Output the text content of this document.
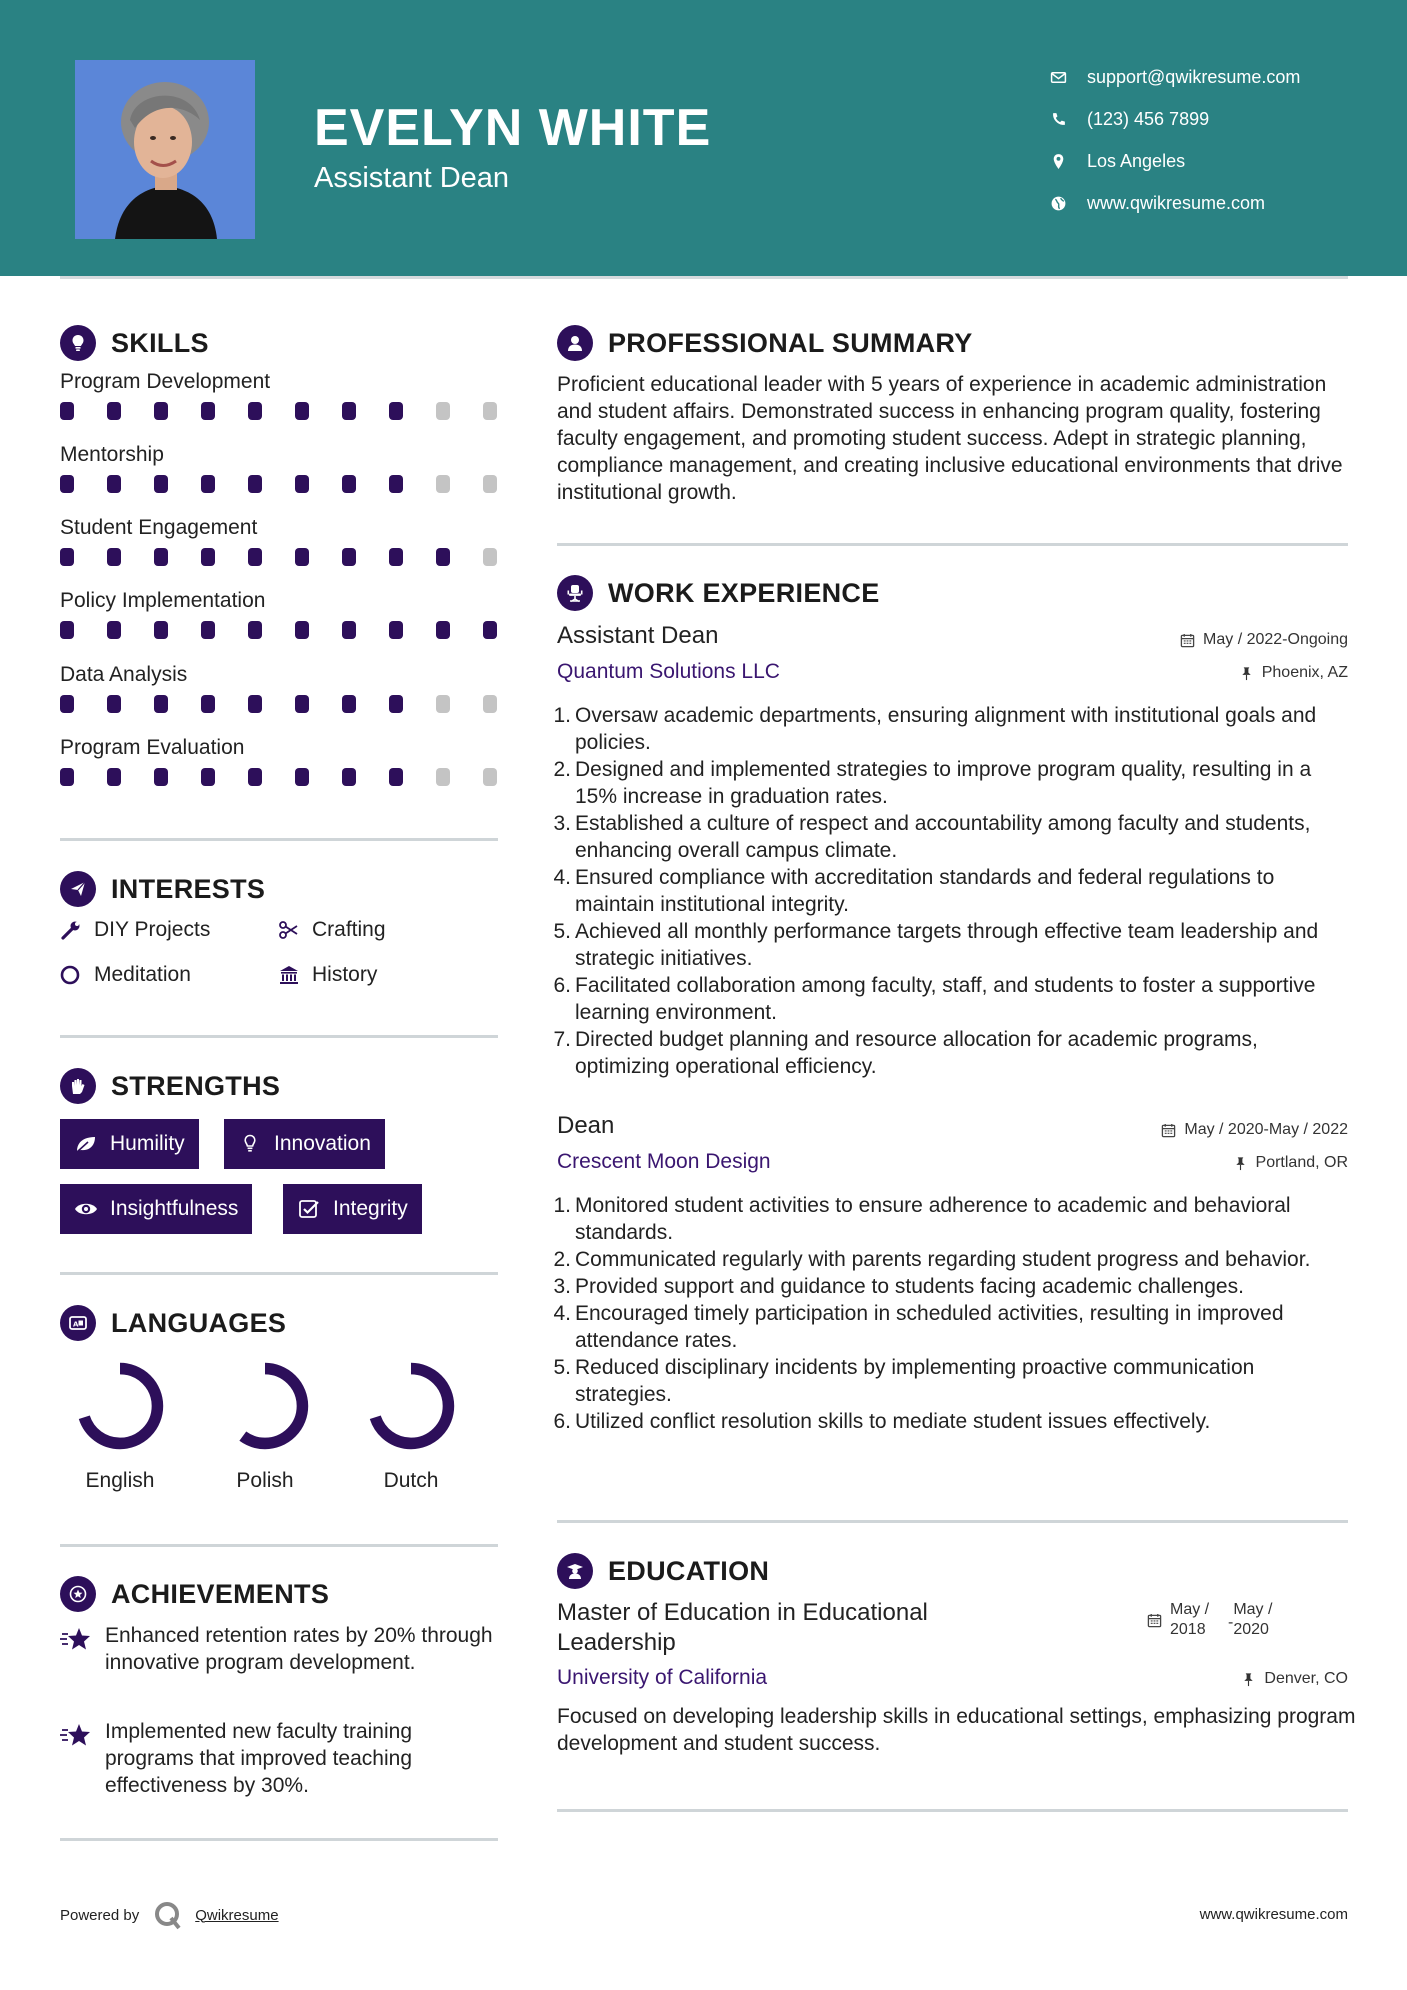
EVELYN WHITE
Assistant Dean
support@qwikresume.com
(123) 456 7899
Los Angeles
www.qwikresume.com
SKILLS
Program Development
Mentorship
Student Engagement
Policy Implementation
Data Analysis
Program Evaluation
INTERESTS
DIY Projects	Crafting
Meditation	History
STRENGTHS
Humility	Innovation
Insightfulness	Integrity
A LANGUAGES
English	Polish	Dutch
ACHIEVEMENTS
Enhanced retention rates by 20% through innovative program development.
Implemented new faculty training programs that improved teaching effectiveness by 30%.
PROFESSIONAL SUMMARY
Proficient educational leader with 5 years of experience in academic administration and student affairs. Demonstrated success in enhancing program quality, fostering faculty engagement, and promoting student success. Adept in strategic planning, compliance management, and creating inclusive educational environments that drive institutional growth.
WORK EXPERIENCE
Assistant Dean	May / 2022-Ongoing
Quantum Solutions LLC	Phoenix, AZ
1. Oversaw academic departments, ensuring alignment with institutional goals and policies.
2. Designed and implemented strategies to improve program quality, resulting in a 15% increase in graduation rates.
3. Established a culture of respect and accountability among faculty and students, enhancing overall campus climate.
4. Ensured compliance with accreditation standards and federal regulations to maintain institutional integrity.
5. Achieved all monthly performance targets through effective team leadership and strategic initiatives.
6. Facilitated collaboration among faculty, staff, and students to foster a supportive learning environment.
7. Directed budget planning and resource allocation for academic programs, optimizing operational efficiency.
Dean	May / 2020-May / 2022
Crescent Moon Design	Portland, OR
1. Monitored student activities to ensure adherence to academic and behavioral standards.
2. Communicated regularly with parents regarding student progress and behavior.
3. Provided support and guidance to students facing academic challenges.
4. Encouraged timely participation in scheduled activities, resulting in improved attendance rates.
5. Reduced disciplinary incidents by implementing proactive communication strategies.
6. Utilized conflict resolution skills to mediate student issues effectively.
EDUCATION
Master of Education in Educational Leadership
May / 2018	-
May / 2020
University of California	Denver, CO
Focused on developing leadership skills in educational settings, emphasizing program development and student success.
Powered by	Qwikresume	www.qwikresume.com
